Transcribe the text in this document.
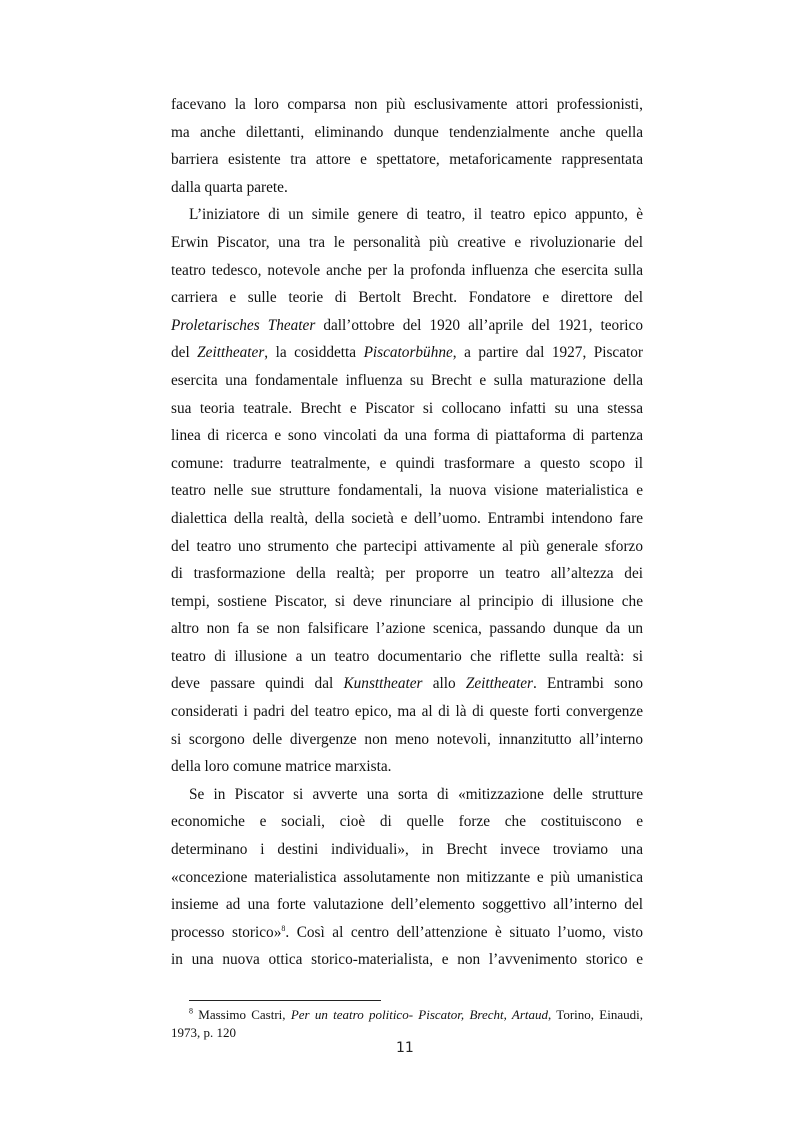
facevano la loro comparsa non più esclusivamente attori professionisti,
ma anche dilettanti, eliminando dunque tendenzialmente anche quella
barriera esistente tra attore e spettatore, metaforicamente rappresentata
dalla quarta parete.
L’iniziatore di un simile genere di teatro, il teatro epico appunto, è
Erwin Piscator, una tra le personalità più creative e rivoluzionarie del
teatro tedesco, notevole anche per la profonda influenza che esercita sulla
carriera e sulle teorie di Bertolt Brecht. Fondatore e direttore del
Proletarisches Theater dall’ottobre del 1920 all’aprile del 1921, teorico
del Zeittheater, la cosiddetta Piscatorbühne, a partire dal 1927, Piscator
esercita una fondamentale influenza su Brecht e sulla maturazione della
sua teoria teatrale. Brecht e Piscator si collocano infatti su una stessa
linea di ricerca e sono vincolati da una forma di piattaforma di partenza
comune: tradurre teatralmente, e quindi trasformare a questo scopo il
teatro nelle sue strutture fondamentali, la nuova visione materialistica e
dialettica della realtà, della società e dell’uomo. Entrambi intendono fare
del teatro uno strumento che partecipi attivamente al più generale sforzo
di trasformazione della realtà; per proporre un teatro all’altezza dei
tempi, sostiene Piscator, si deve rinunciare al principio di illusione che
altro non fa se non falsificare l’azione scenica, passando dunque da un
teatro di illusione a un teatro documentario che riflette sulla realtà: si
deve passare quindi dal Kunsttheater allo Zeittheater. Entrambi sono
considerati i padri del teatro epico, ma al di là di queste forti convergenze
si scorgono delle divergenze non meno notevoli, innanzitutto all’interno
della loro comune matrice marxista.
Se in Piscator si avverte una sorta di «mitizzazione delle strutture
economiche e sociali, cioè di quelle forze che costituiscono e
determinano i destini individuali», in Brecht invece troviamo una
«concezione materialistica assolutamente non mitizzante e più umanistica
insieme ad una forte valutazione dell’elemento soggettivo all’interno del
processo storico»$^8$. Così al centro dell’attenzione è situato l’uomo, visto
in una nuova ottica storico-materialista, e non l’avvenimento storico e
$^8$ Massimo Castri, Per un teatro politico- Piscator, Brecht, Artaud, Torino, Einaudi,
1973, p. 120
11
